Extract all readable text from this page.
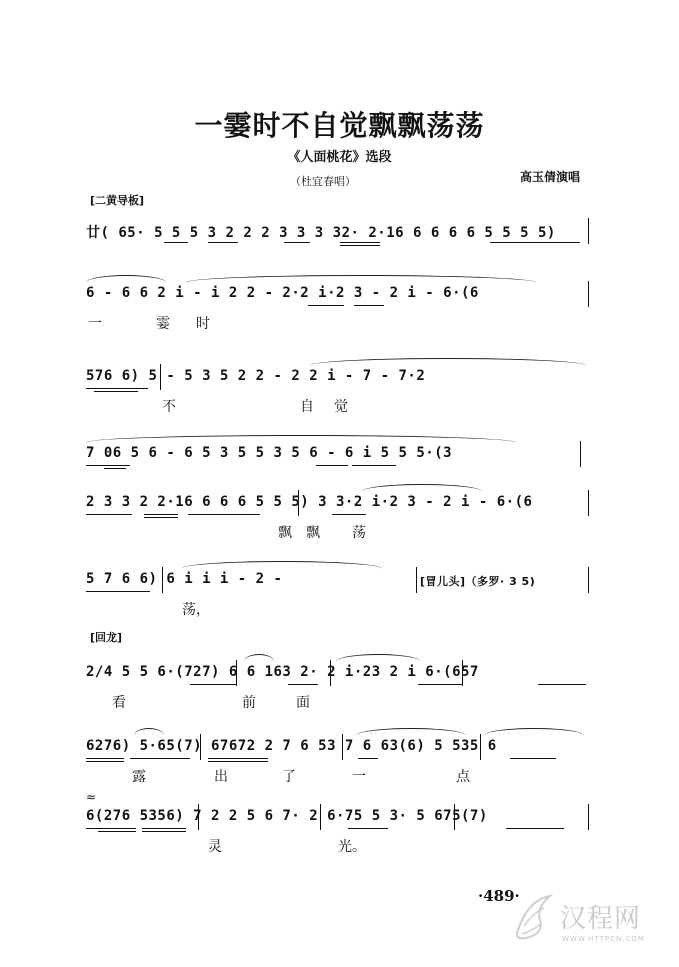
一霎时不自觉飘飘荡荡
《人面桃花》选段
（杜宜春唱）	高玉倩演唱
[二黄导板]
廿( 65· 5 5 5 3 2 2 2 3 3 3 32· 2·16 6 6 6 6 5 5 5 5)
6 - 6 6 2 i - i 2 2 - 2·2 i·2 3 - 2 i - 6·(6
一	霎 时
576 6) 5 - 5 3 5 2 2 - 2 2 i - 7 - 7·2
不	自 觉
7 06 5 6 - 6 5 3 5 5 3 5 6 - 6 i 5 5 5·(3
2 3 3 2 2·16 6 6 6 5 5 5) 3 3·2 i·2 3 - 2 i - 6·(6
飘 飘 荡
5 7 6 6) 6 i i i - 2 -	[冒儿头]（多罗· 3 5)
荡，
[回龙]
2/4 5 5 6·(727) 6 6 163 2· 2 i·23 2 i 6·(657
看	前	面
6276) 5·65(7) 67672 2 7 6 53 7 6 63(6) 5 535 6
露	出	了	一	点
≈
6(276 5356) 7 2 2 5 6 7· 2 6·75 5 3· 5 675(7)
灵	光。
·489·
汉程网
WWW.HTTPCN.COM
